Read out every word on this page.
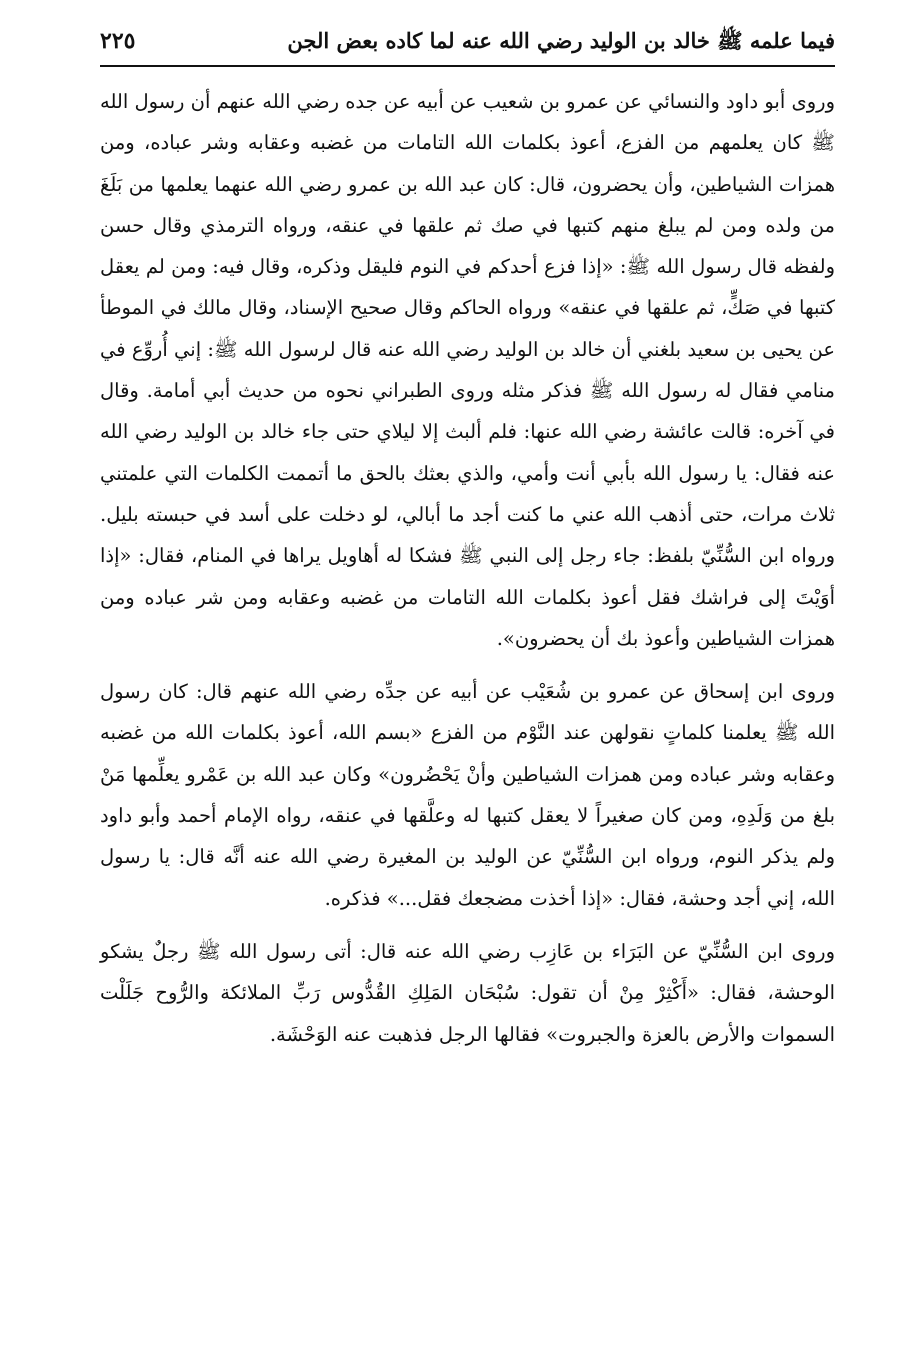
فيما علمه ﷺ خالد بن الوليد رضي الله عنه لما كاده بعض الجن
٢٢٥

وروى أبو داود والنسائي عن عمرو بن شعيب عن أبيه عن جده رضي الله عنهم أن رسول الله ﷺ كان يعلمهم من الفزع، أعوذ بكلمات الله التامات من غضبه وعقابه وشر عباده، ومن همزات الشياطين، وأن يحضرون، قال: كان عبد الله بن عمرو رضي الله عنهما يعلمها من بَلَغَ من ولده ومن لم يبلغ منهم كتبها في صك ثم علقها في عنقه، ورواه الترمذي وقال حسن ولفظه قال رسول الله ﷺ: «إذا فزع أحدكم في النوم فليقل وذكره، وقال فيه: ومن لم يعقل كتبها في صَكٍّ، ثم علقها في عنقه» ورواه الحاكم وقال صحيح الإسناد، وقال مالك في الموطأ عن يحيى بن سعيد بلغني أن خالد بن الوليد رضي الله عنه قال لرسول الله ﷺ: إني أُروِّع في منامي فقال له رسول الله ﷺ فذكر مثله وروى الطبراني نحوه من حديث أبي أمامة. وقال في آخره: قالت عائشة رضي الله عنها: فلم ألبث إلا ليلاي حتى جاء خالد بن الوليد رضي الله عنه فقال: يا رسول الله بأبي أنت وأمي، والذي بعثك بالحق ما أتممت الكلمات التي علمتني ثلاث مرات، حتى أذهب الله عني ما كنت أجد ما أبالي، لو دخلت على أسد في حبسته بليل. ورواه ابن السُّنِّيّ بلفظ: جاء رجل إلى النبي ﷺ فشكا له أهاويل يراها في المنام، فقال: «إذا أوَيْتَ إلى فراشك فقل أعوذ بكلمات الله التامات من غضبه وعقابه ومن شر عباده ومن همزات الشياطين وأعوذ بك أن يحضرون».

وروى ابن إسحاق عن عمرو بن شُعَيْب عن أبيه عن جدِّه رضي الله عنهم قال: كان رسول الله ﷺ يعلمنا كلماتٍ نقولهن عند النَّوْم من الفزع «بسم الله، أعوذ بكلمات الله من غضبه وعقابه وشر عباده ومن همزات الشياطين وأنْ يَحْضُرون» وكان عبد الله بن عَمْرو يعلِّمها مَنْ بلغ من وَلَدِهِ، ومن كان صغيراً لا يعقل كتبها له وعلَّقها في عنقه، رواه الإمام أحمد وأبو داود ولم يذكر النوم، ورواه ابن السُّنِّيّ عن الوليد بن المغيرة رضي الله عنه أنَّه قال: يا رسول الله، إني أجد وحشة، فقال: «إذا أخذت مضجعك فقل...» فذكره.

وروى ابن السُّنِّيّ عن البَرَاء بن عَازِب رضي الله عنه قال: أتى رسول الله ﷺ رجلٌ يشكو الوحشة، فقال: «أَكْثِرْ مِنْ أن تقول: سُبْحَان المَلِكِ القُدُّوس رَبِّ الملائكة والرُّوح جَلَلْت السموات والأرض بالعزة والجبروت» فقالها الرجل فذهبت عنه الوَحْشَة.
